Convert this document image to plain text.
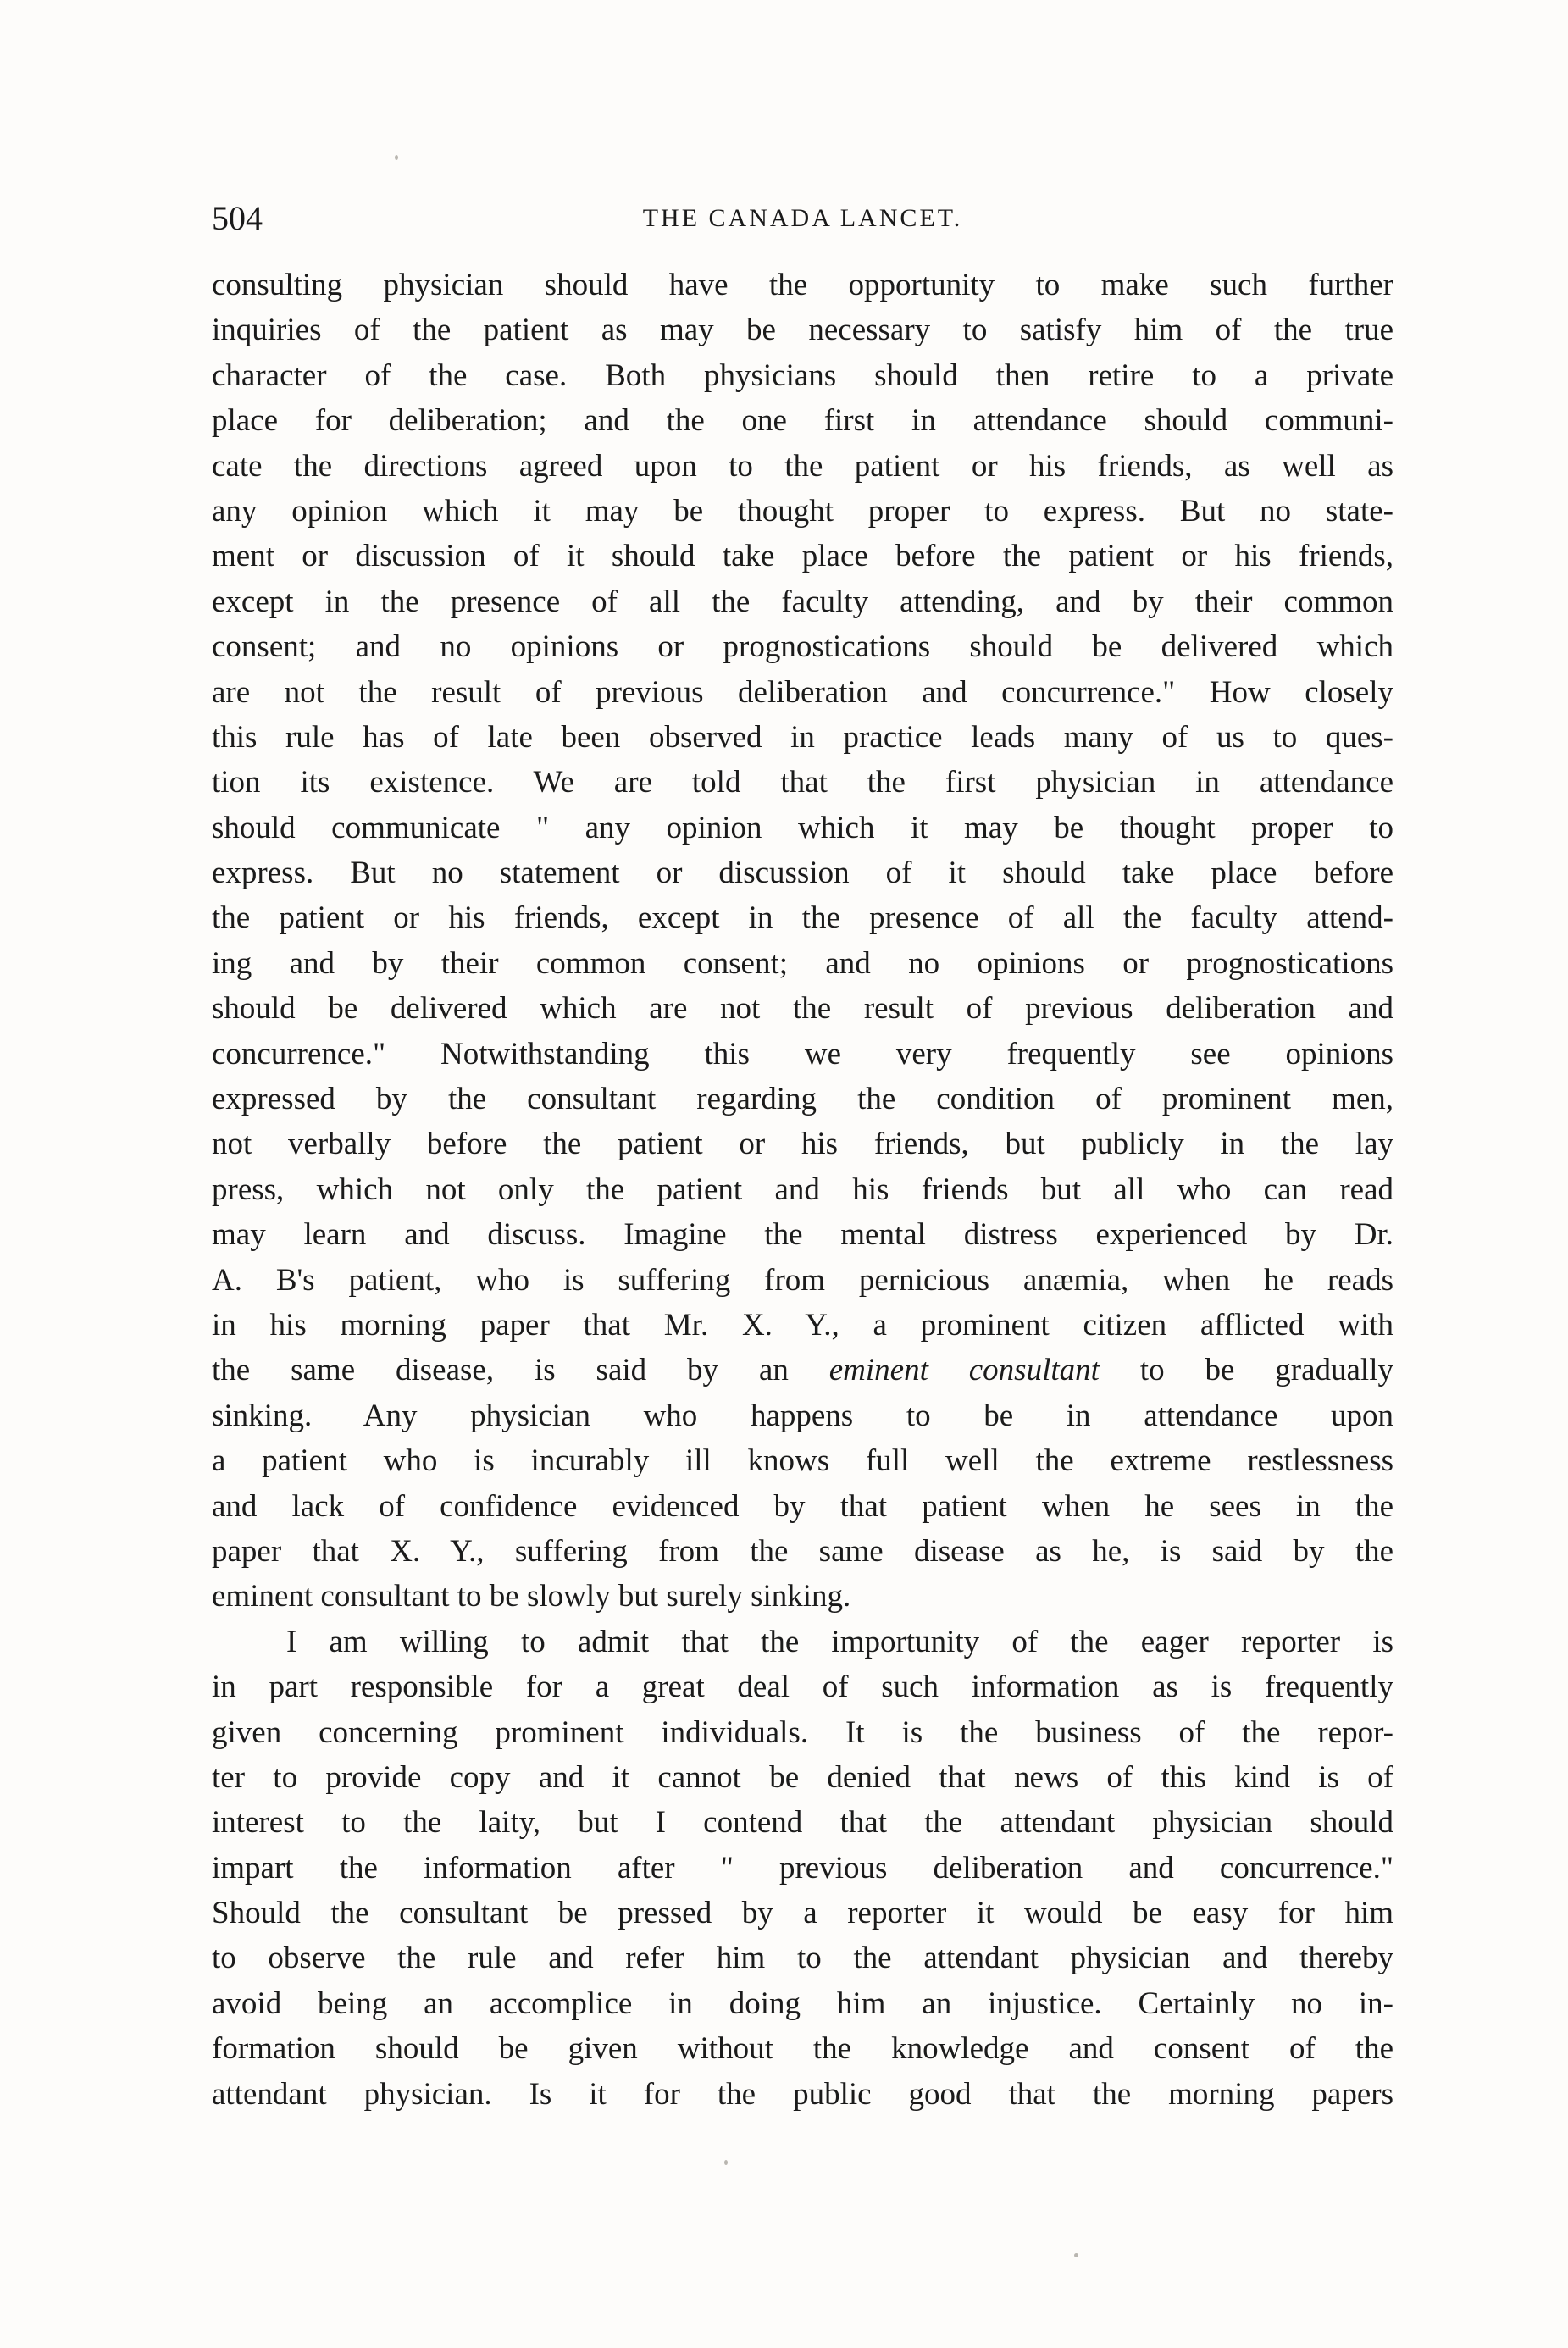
504	THE CANADA LANCET.
consulting physician should have the opportunity to make such further
inquiries of the patient as may be necessary to satisfy him of the true
character of the case. Both physicians should then retire to a private
place for deliberation; and the one first in attendance should communi-
cate the directions agreed upon to the patient or his friends, as well as
any opinion which it may be thought proper to express. But no state-
ment or discussion of it should take place before the patient or his friends,
except in the presence of all the faculty attending, and by their common
consent; and no opinions or prognostications should be delivered which
are not the result of previous deliberation and concurrence." How closely
this rule has of late been observed in practice leads many of us to ques-
tion its existence. We are told that the first physician in attendance
should communicate " any opinion which it may be thought proper to
express. But no statement or discussion of it should take place before
the patient or his friends, except in the presence of all the faculty attend-
ing and by their common consent; and no opinions or prognostications
should be delivered which are not the result of previous deliberation and
concurrence." Notwithstanding this we very frequently see opinions
expressed by the consultant regarding the condition of prominent men,
not verbally before the patient or his friends, but publicly in the lay
press, which not only the patient and his friends but all who can read
may learn and discuss. Imagine the mental distress experienced by Dr.
A. B's patient, who is suffering from pernicious anæmia, when he reads
in his morning paper that Mr. X. Y., a prominent citizen afflicted with
the same disease, is said by an eminent consultant to be gradually
sinking. Any physician who happens to be in attendance upon
a patient who is incurably ill knows full well the extreme restlessness
and lack of confidence evidenced by that patient when he sees in the
paper that X. Y., suffering from the same disease as he, is said by the
eminent consultant to be slowly but surely sinking.
I am willing to admit that the importunity of the eager reporter is
in part responsible for a great deal of such information as is frequently
given concerning prominent individuals. It is the business of the repor-
ter to provide copy and it cannot be denied that news of this kind is of
interest to the laity, but I contend that the attendant physician should
impart the information after " previous deliberation and concurrence."
Should the consultant be pressed by a reporter it would be easy for him
to observe the rule and refer him to the attendant physician and thereby
avoid being an accomplice in doing him an injustice. Certainly no in-
formation should be given without the knowledge and consent of the
attendant physician. Is it for the public good that the morning papers
